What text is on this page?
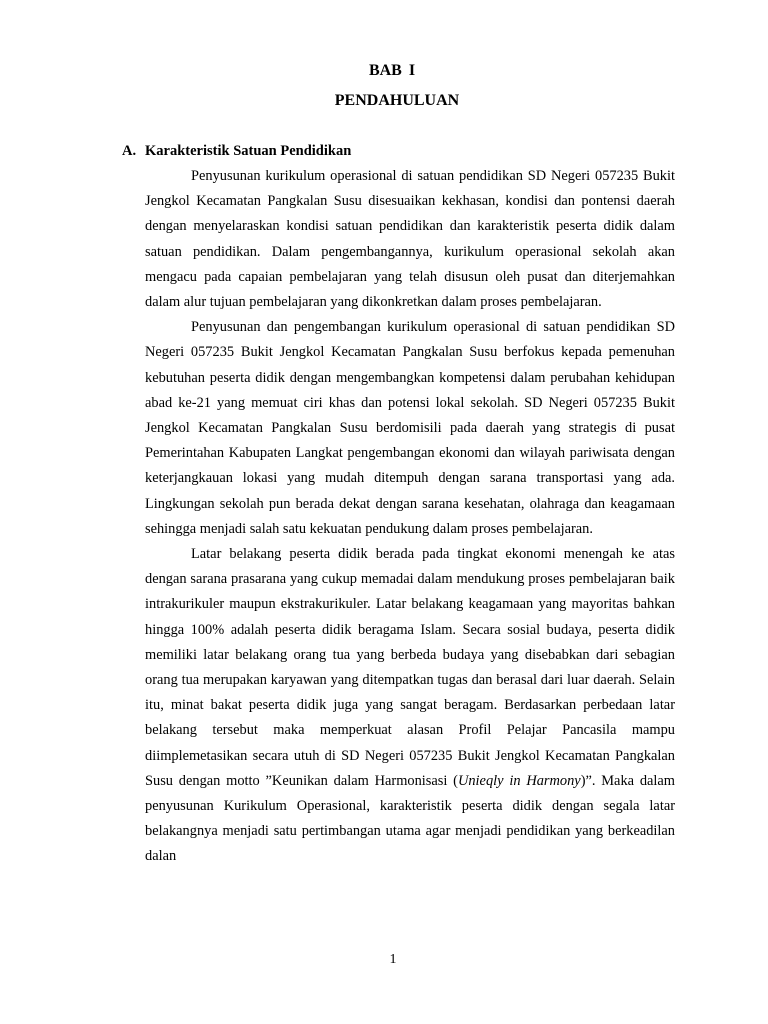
BAB I
PENDAHULUAN
A. Karakteristik Satuan Pendidikan

Penyusunan kurikulum operasional di satuan pendidikan SD Negeri 057235 Bukit Jengkol Kecamatan Pangkalan Susu disesuaikan kekhasan, kondisi dan pontensi daerah dengan menyelaraskan kondisi satuan pendidikan dan karakteristik peserta didik dalam satuan pendidikan. Dalam pengembangannya, kurikulum operasional sekolah akan mengacu pada capaian pembelajaran yang telah disusun oleh pusat dan diterjemahkan dalam alur tujuan pembelajaran yang dikonkretkan dalam proses pembelajaran.

Penyusunan dan pengembangan kurikulum operasional di satuan pendidikan SD Negeri 057235 Bukit Jengkol Kecamatan Pangkalan Susu berfokus kepada pemenuhan kebutuhan peserta didik dengan mengembangkan kompetensi dalam perubahan kehidupan abad ke-21 yang memuat ciri khas dan potensi lokal sekolah. SD Negeri 057235 Bukit Jengkol Kecamatan Pangkalan Susu berdomisili pada daerah yang strategis di pusat Pemerintahan Kabupaten Langkat pengembangan ekonomi dan wilayah pariwisata dengan keterjangkauan lokasi yang mudah ditempuh dengan sarana transportasi yang ada. Lingkungan sekolah pun berada dekat dengan sarana kesehatan, olahraga dan keagamaan sehingga menjadi salah satu kekuatan pendukung dalam proses pembelajaran.

Latar belakang peserta didik berada pada tingkat ekonomi menengah ke atas dengan sarana prasarana yang cukup memadai dalam mendukung proses pembelajaran baik intrakurikuler maupun ekstrakurikuler. Latar belakang keagamaan yang mayoritas bahkan hingga 100% adalah peserta didik beragama Islam. Secara sosial budaya, peserta didik memiliki latar belakang orang tua yang berbeda budaya yang disebabkan dari sebagian orang tua merupakan karyawan yang ditempatkan tugas dan berasal dari luar daerah. Selain itu, minat bakat peserta didik juga yang sangat beragam. Berdasarkan perbedaan latar belakang tersebut maka memperkuat alasan Profil Pelajar Pancasila mampu diimplemetasikan secara utuh di SD Negeri 057235 Bukit Jengkol Kecamatan Pangkalan Susu dengan motto ”Keunikan dalam Harmonisasi (Unieqly in Harmony)”. Maka dalam penyusunan Kurikulum Operasional, karakteristik peserta didik dengan segala latar belakangnya menjadi satu pertimbangan utama agar menjadi pendidikan yang berkeadilan dalan

1
